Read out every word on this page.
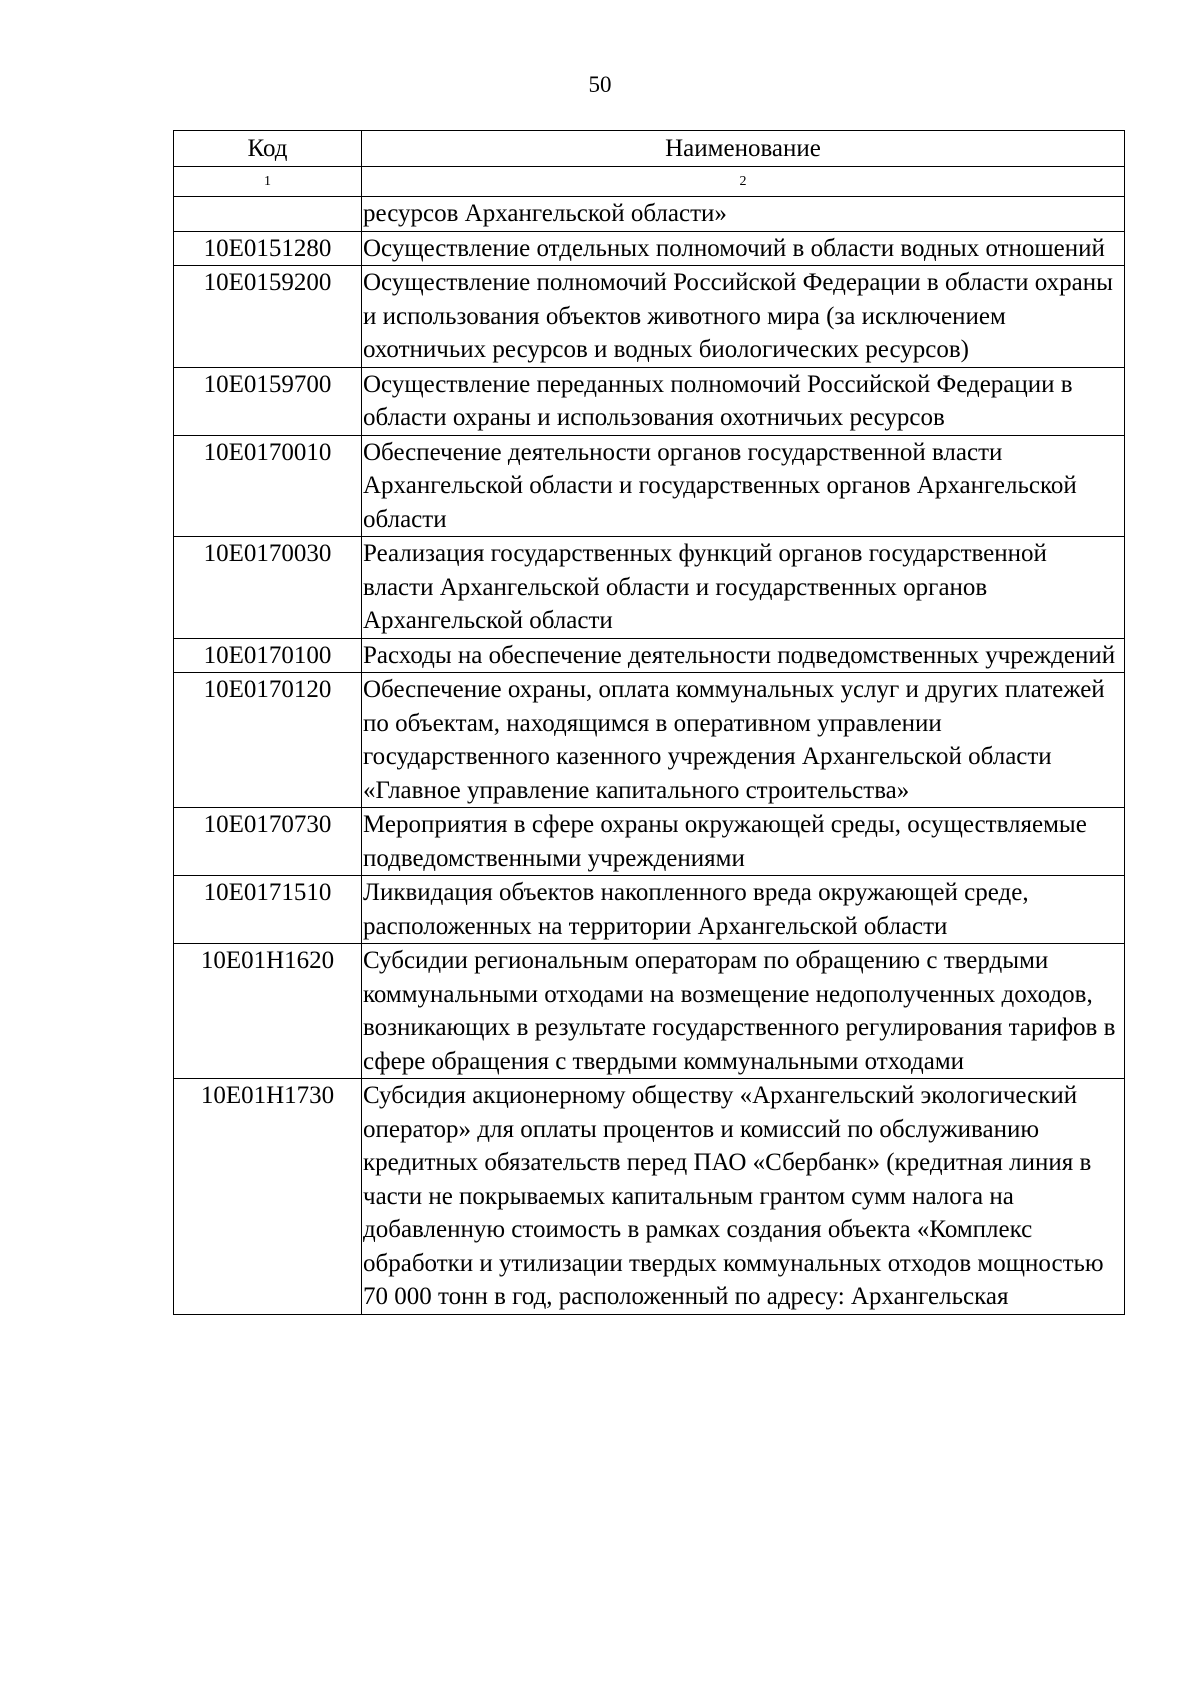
50
Код	Наименование
1	2
	ресурсов Архангельской области»
10Е0151280	Осуществление отдельных полномочий в области водных отношений
10Е0159200	Осуществление полномочий Российской Федерации в области охраны и использования объектов животного мира (за исключением охотничьих ресурсов и водных биологических ресурсов)
10Е0159700	Осуществление переданных полномочий Российской Федерации в области охраны и использования охотничьих ресурсов
10Е0170010	Обеспечение деятельности органов государственной власти Архангельской области и государственных органов Архангельской области
10Е0170030	Реализация государственных функций органов государственной власти Архангельской области и государственных органов Архангельской области
10Е0170100	Расходы на обеспечение деятельности подведомственных учреждений
10Е0170120	Обеспечение охраны, оплата коммунальных услуг и других платежей по объектам, находящимся в оперативном управлении государственного казенного учреждения Архангельской области «Главное управление капитального строительства»
10Е0170730	Мероприятия в сфере охраны окружающей среды, осуществляемые подведомственными учреждениями
10Е0171510	Ликвидация объектов накопленного вреда окружающей среде, расположенных на территории Архангельской области
10Е01Н1620	Субсидии региональным операторам по обращению с твердыми коммунальными отходами на возмещение недополученных доходов, возникающих в результате государственного регулирования тарифов в сфере обращения с твердыми коммунальными отходами
10Е01Н1730	Субсидия акционерному обществу «Архангельский экологический оператор» для оплаты процентов и комиссий по обслуживанию кредитных обязательств перед ПАО «Сбербанк» (кредитная линия в части не покрываемых капитальным грантом сумм налога на добавленную стоимость в рамках создания объекта «Комплекс обработки и утилизации твердых коммунальных отходов мощностью 70 000 тонн в год, расположенный по адресу: Архангельская
